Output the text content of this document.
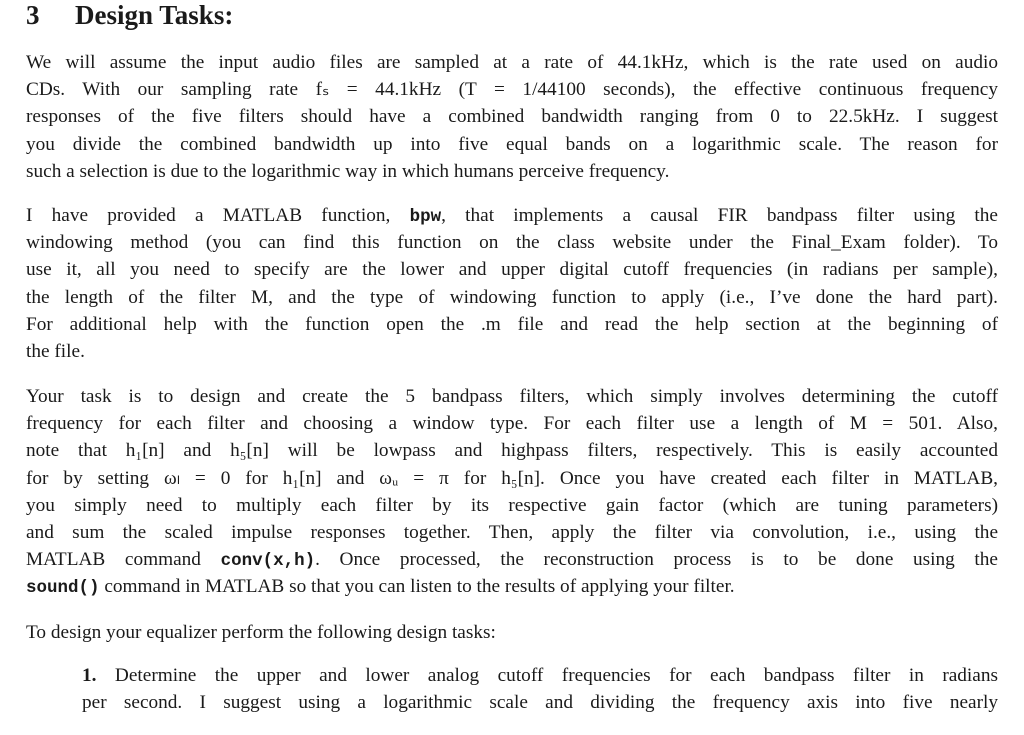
3 Design Tasks:
We will assume the input audio files are sampled at a rate of 44.1kHz, which is the rate used on audio
CDs. With our sampling rate fₛ = 44.1kHz (T = 1/44100 seconds), the effective continuous frequency
responses of the five filters should have a combined bandwidth ranging from 0 to 22.5kHz. I suggest
you divide the combined bandwidth up into five equal bands on a logarithmic scale. The reason for
such a selection is due to the logarithmic way in which humans perceive frequency.
I have provided a MATLAB function, bpw, that implements a causal FIR bandpass filter using the
windowing method (you can find this function on the class website under the Final_Exam folder). To
use it, all you need to specify are the lower and upper digital cutoff frequencies (in radians per sample),
the length of the filter M, and the type of windowing function to apply (i.e., I’ve done the hard part).
For additional help with the function open the .m file and read the help section at the beginning of
the file.
Your task is to design and create the 5 bandpass filters, which simply involves determining the cutoff
frequency for each filter and choosing a window type. For each filter use a length of M = 501. Also,
note that h₁[n] and h₅[n] will be lowpass and highpass filters, respectively. This is easily accounted
for by setting ωₗ = 0 for h₁[n] and ωᵤ = π for h₅[n]. Once you have created each filter in MATLAB,
you simply need to multiply each filter by its respective gain factor (which are tuning parameters)
and sum the scaled impulse responses together. Then, apply the filter via convolution, i.e., using the
MATLAB command conv(x,h). Once processed, the reconstruction process is to be done using the
sound() command in MATLAB so that you can listen to the results of applying your filter.
To design your equalizer perform the following design tasks:
1. Determine the upper and lower analog cutoff frequencies for each bandpass filter in radians
per second. I suggest using a logarithmic scale and dividing the frequency axis into five nearly
